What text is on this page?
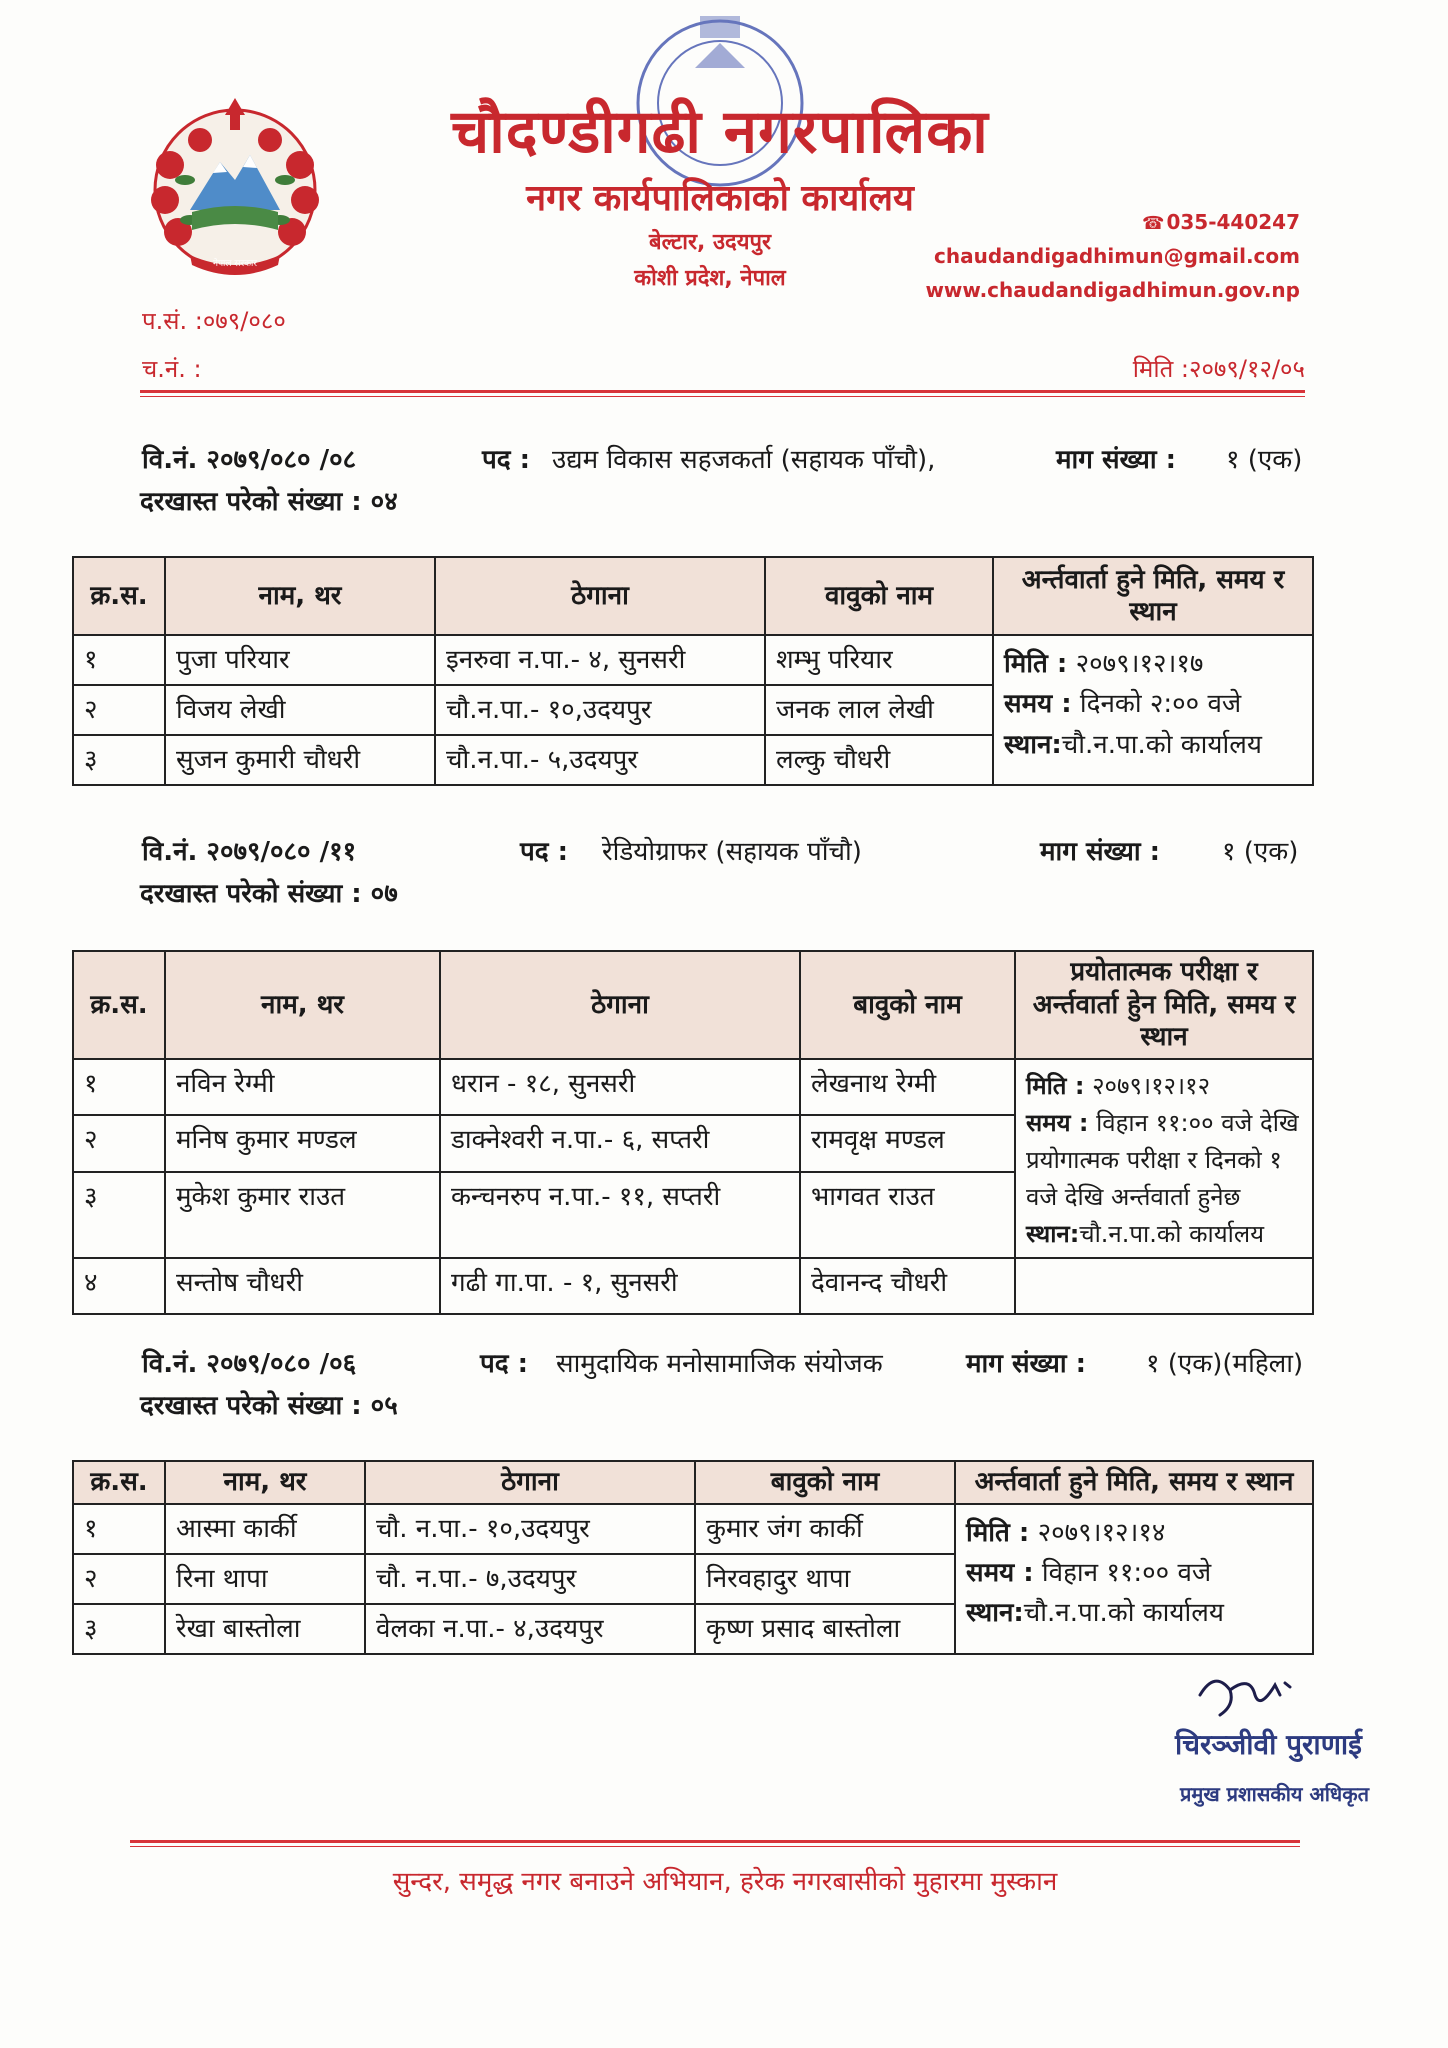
नेपाल सरकार
चौदण्डीगढी नगरपालिका
नगर कार्यपालिकाको कार्यालय
बेल्टार, उदयपुर
कोशी प्रदेश, नेपाल
☎ 035-440247
chaudandigadhimun@gmail.com
www.chaudandigadhimun.gov.np
प.सं. :०७९/०८०
च.नं. :	मिति :२०७९/१२/०५
वि.नं. २०७९/०८० /०८	पद : उद्यम विकास सहजकर्ता (सहायक पाँचौ),	माग संख्या : १ (एक)
दरखास्त परेको संख्या : ०४
क्र.स.	नाम, थर	ठेगाना	वावुको नाम	अर्न्तवार्ता हुने मिति, समय र स्थान
१	पुजा परियार	इनरुवा न.पा.- ४, सुनसरी	शम्भु परियार	मिति : २०७९।१२।१७
समय : दिनको २:०० वजे
स्थान:चौ.न.पा.को कार्यालय
२	विजय लेखी	चौ.न.पा.- १०,उदयपुर	जनक लाल लेखी	
३	सुजन कुमारी चौधरी	चौ.न.पा.- ५,उदयपुर	लल्कु चौधरी	
वि.नं. २०७९/०८० /११	पद : रेडियोग्राफर (सहायक पाँचौ)	माग संख्या : १ (एक)
दरखास्त परेको संख्या : ०७
क्र.स.	नाम, थर	ठेगाना	बावुको नाम	प्रयोतात्मक परीक्षा र अर्न्तवार्ता हुेन मिति, समय र स्थान
१	नविन रेग्मी	धरान - १८, सुनसरी	लेखनाथ रेग्मी	मिति : २०७९।१२।१२
समय : विहान ११:०० वजे देखि प्रयोगात्मक परीक्षा र दिनको १ वजे देखि अर्न्तवार्ता हुनेछ
स्थान:चौ.न.पा.को कार्यालय
२	मनिष कुमार मण्डल	डाक्नेश्वरी न.पा.- ६, सप्तरी	रामवृक्ष मण्डल	
३	मुकेश कुमार राउत	कन्चनरुप न.पा.- ११, सप्तरी	भागवत राउत	
४	सन्तोष चौधरी	गढी गा.पा. - १, सुनसरी	देवानन्द चौधरी	
वि.नं. २०७९/०८० /०६	पद : सामुदायिक मनोसामाजिक संयोजक	माग संख्या : १ (एक)(महिला)
दरखास्त परेको संख्या : ०५
क्र.स.	नाम, थर	ठेगाना	बावुको नाम	अर्न्तवार्ता हुने मिति, समय र स्थान
१	आस्मा कार्की	चौ. न.पा.- १०,उदयपुर	कुमार जंग कार्की	मिति : २०७९।१२।१४
समय : विहान ११:०० वजे
स्थान:चौ.न.पा.को कार्यालय
२	रिना थापा	चौ. न.पा.- ७,उदयपुर	निरवहादुर थापा	
३	रेखा बास्तोला	वेलका न.पा.- ४,उदयपुर	कृष्ण प्रसाद बास्तोला	
चिरञ्जीवी पुराणाई
प्रमुख प्रशासकीय अधिकृत
सुन्दर, समृद्ध नगर बनाउने अभियान, हरेक नगरबासीको मुहारमा मुस्कान
